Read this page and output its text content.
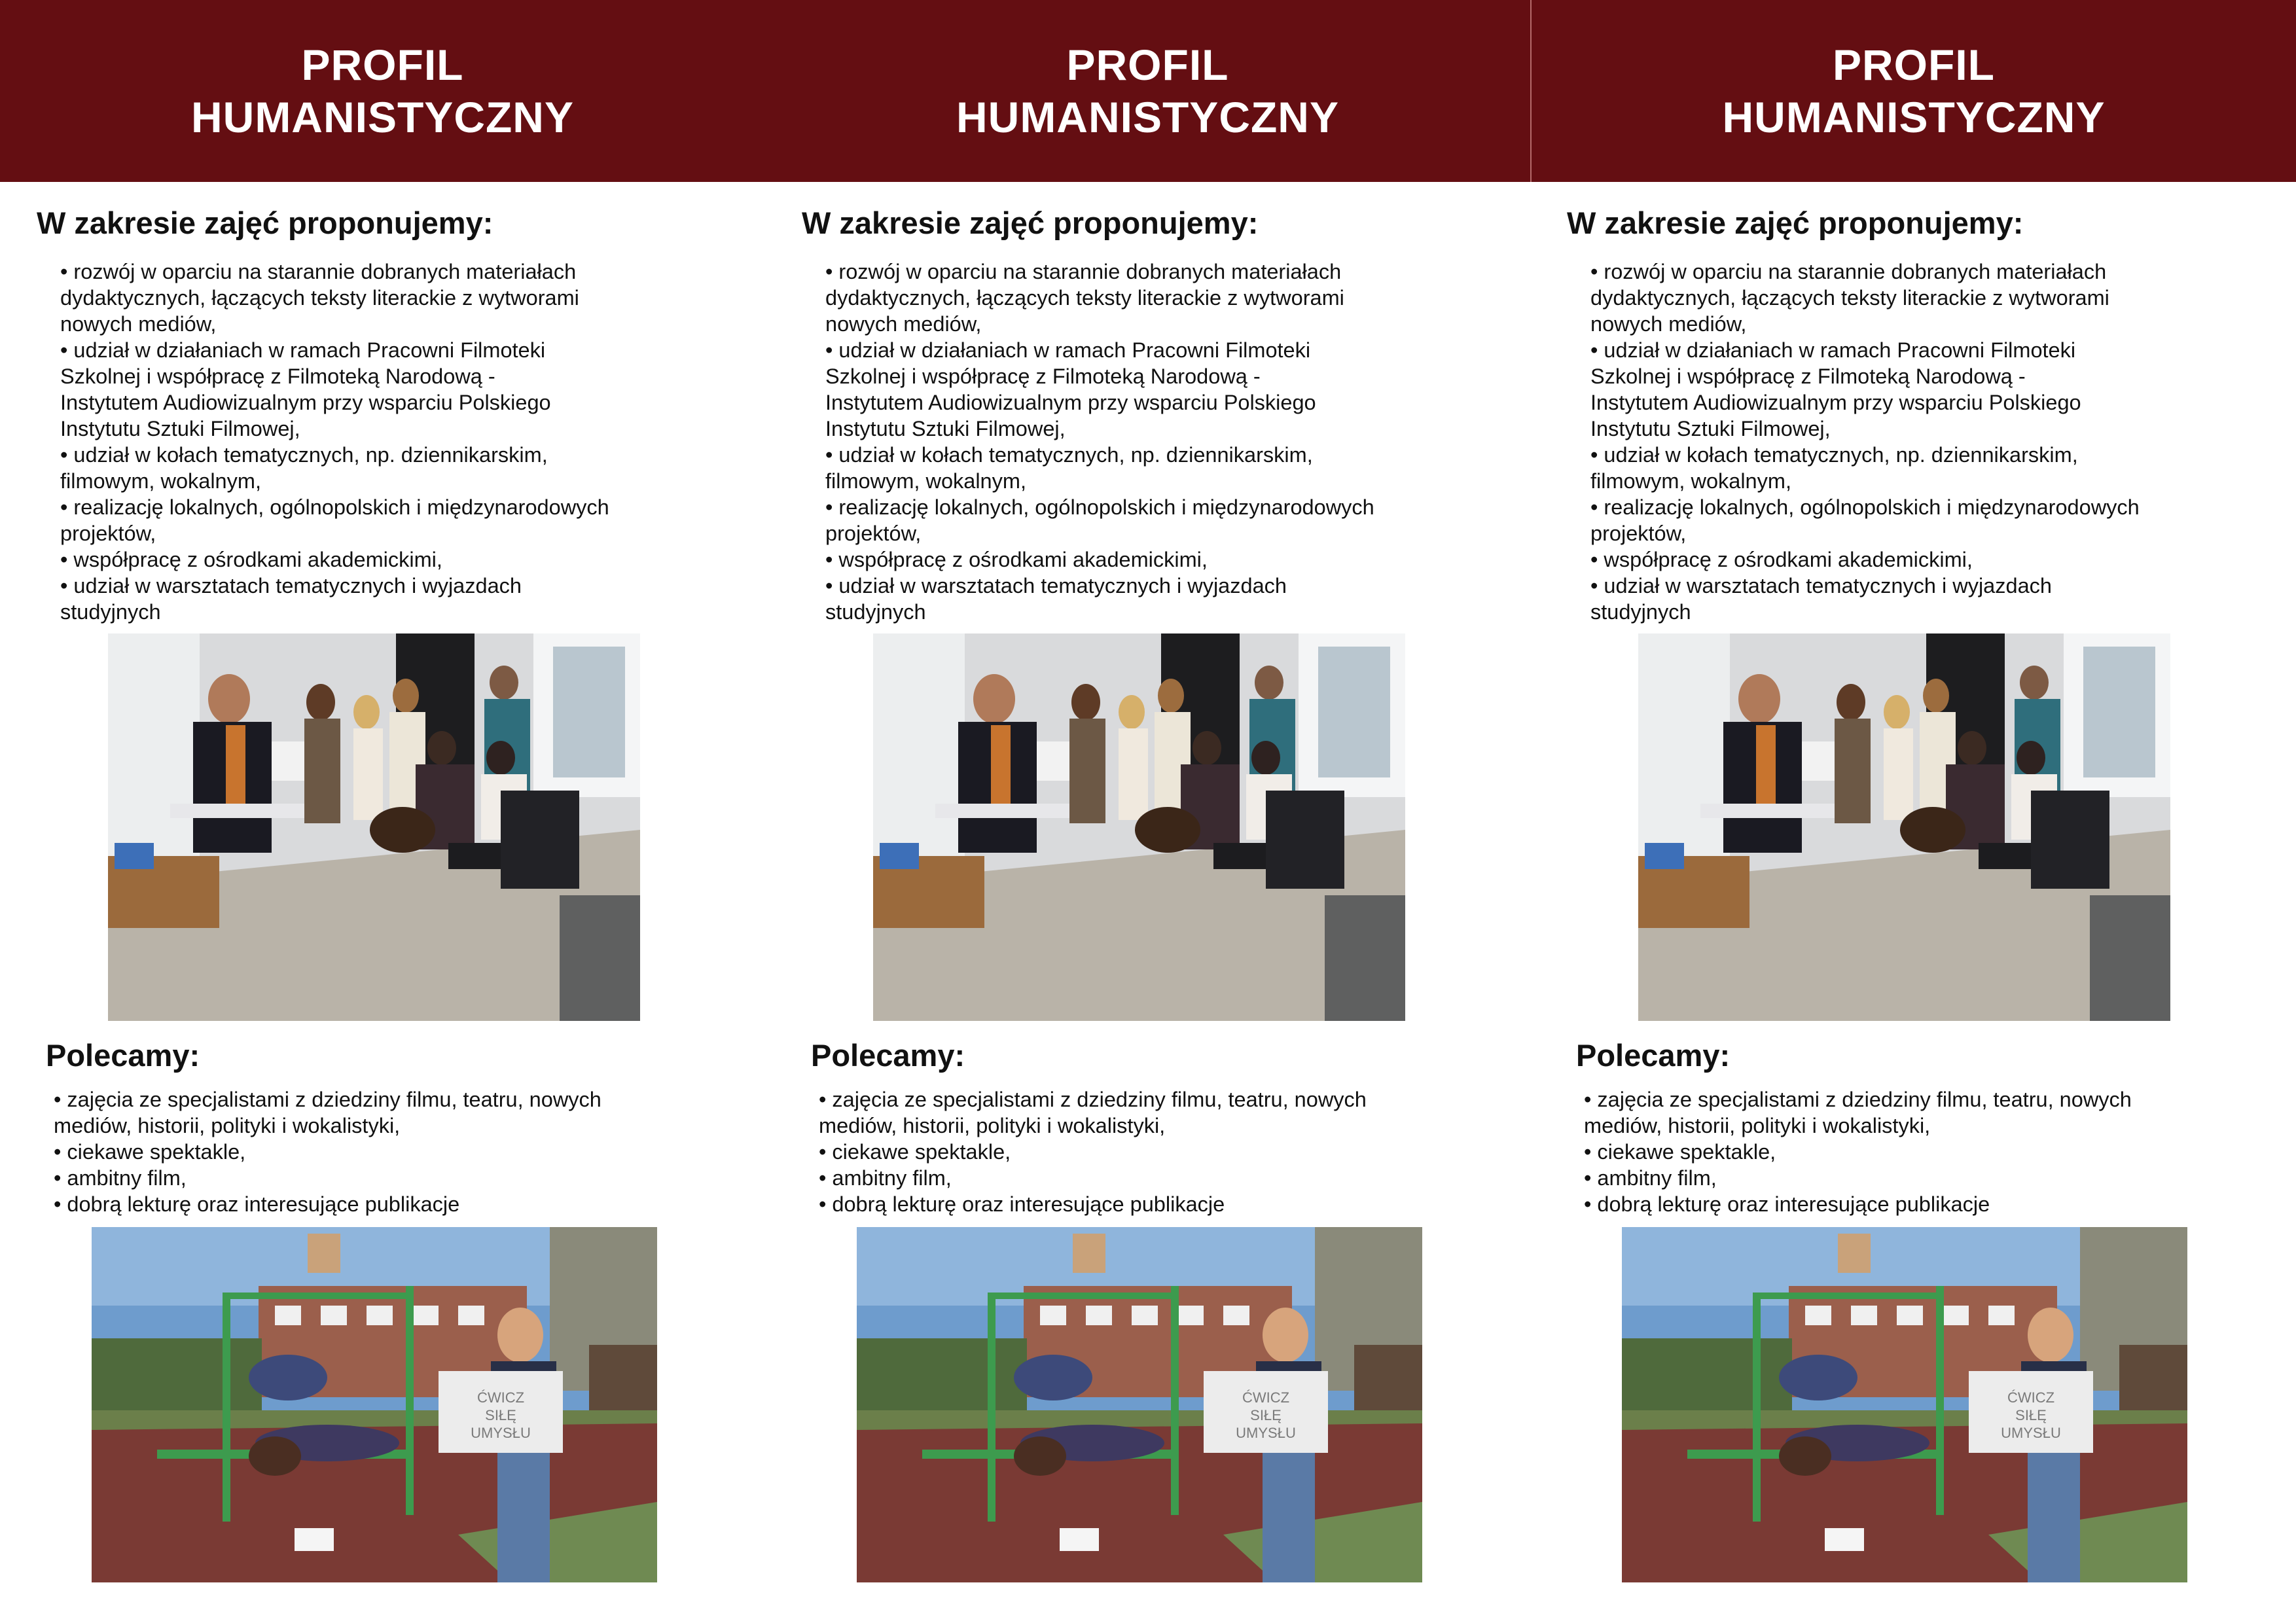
PROFIL
HUMANISTYCZNY
W zakresie zajęć proponujemy:
• rozwój w oparciu na starannie dobranych materiałach
dydaktycznych, łączących teksty literackie z wytworami
nowych mediów,
• udział w działaniach w ramach Pracowni Filmoteki
Szkolnej i współpracę z Filmoteką Narodową -
Instytutem Audiowizualnym przy wsparciu Polskiego
Instytutu Sztuki Filmowej,
• udział w kołach tematycznych, np. dziennikarskim,
filmowym, wokalnym,
• realizację lokalnych, ogólnopolskich i międzynarodowych
projektów,
• współpracę z ośrodkami akademickimi,
• udział w warsztatach tematycznych i wyjazdach
studyjnych
Polecamy:
• zajęcia ze specjalistami z dziedziny filmu, teatru, nowych
mediów, historii, polityki i wokalistyki,
• ciekawe spektakle,
• ambitny film,
• dobrą lekturę oraz interesujące publikacje
ĆWICZ
SIŁĘ
UMYSŁU
PROFIL
HUMANISTYCZNY
W zakresie zajęć proponujemy:
• rozwój w oparciu na starannie dobranych materiałach
dydaktycznych, łączących teksty literackie z wytworami
nowych mediów,
• udział w działaniach w ramach Pracowni Filmoteki
Szkolnej i współpracę z Filmoteką Narodową -
Instytutem Audiowizualnym przy wsparciu Polskiego
Instytutu Sztuki Filmowej,
• udział w kołach tematycznych, np. dziennikarskim,
filmowym, wokalnym,
• realizację lokalnych, ogólnopolskich i międzynarodowych
projektów,
• współpracę z ośrodkami akademickimi,
• udział w warsztatach tematycznych i wyjazdach
studyjnych
Polecamy:
• zajęcia ze specjalistami z dziedziny filmu, teatru, nowych
mediów, historii, polityki i wokalistyki,
• ciekawe spektakle,
• ambitny film,
• dobrą lekturę oraz interesujące publikacje
ĆWICZ
SIŁĘ
UMYSŁU
PROFIL
HUMANISTYCZNY
W zakresie zajęć proponujemy:
• rozwój w oparciu na starannie dobranych materiałach
dydaktycznych, łączących teksty literackie z wytworami
nowych mediów,
• udział w działaniach w ramach Pracowni Filmoteki
Szkolnej i współpracę z Filmoteką Narodową -
Instytutem Audiowizualnym przy wsparciu Polskiego
Instytutu Sztuki Filmowej,
• udział w kołach tematycznych, np. dziennikarskim,
filmowym, wokalnym,
• realizację lokalnych, ogólnopolskich i międzynarodowych
projektów,
• współpracę z ośrodkami akademickimi,
• udział w warsztatach tematycznych i wyjazdach
studyjnych
Polecamy:
• zajęcia ze specjalistami z dziedziny filmu, teatru, nowych
mediów, historii, polityki i wokalistyki,
• ciekawe spektakle,
• ambitny film,
• dobrą lekturę oraz interesujące publikacje
ĆWICZ
SIŁĘ
UMYSŁU
